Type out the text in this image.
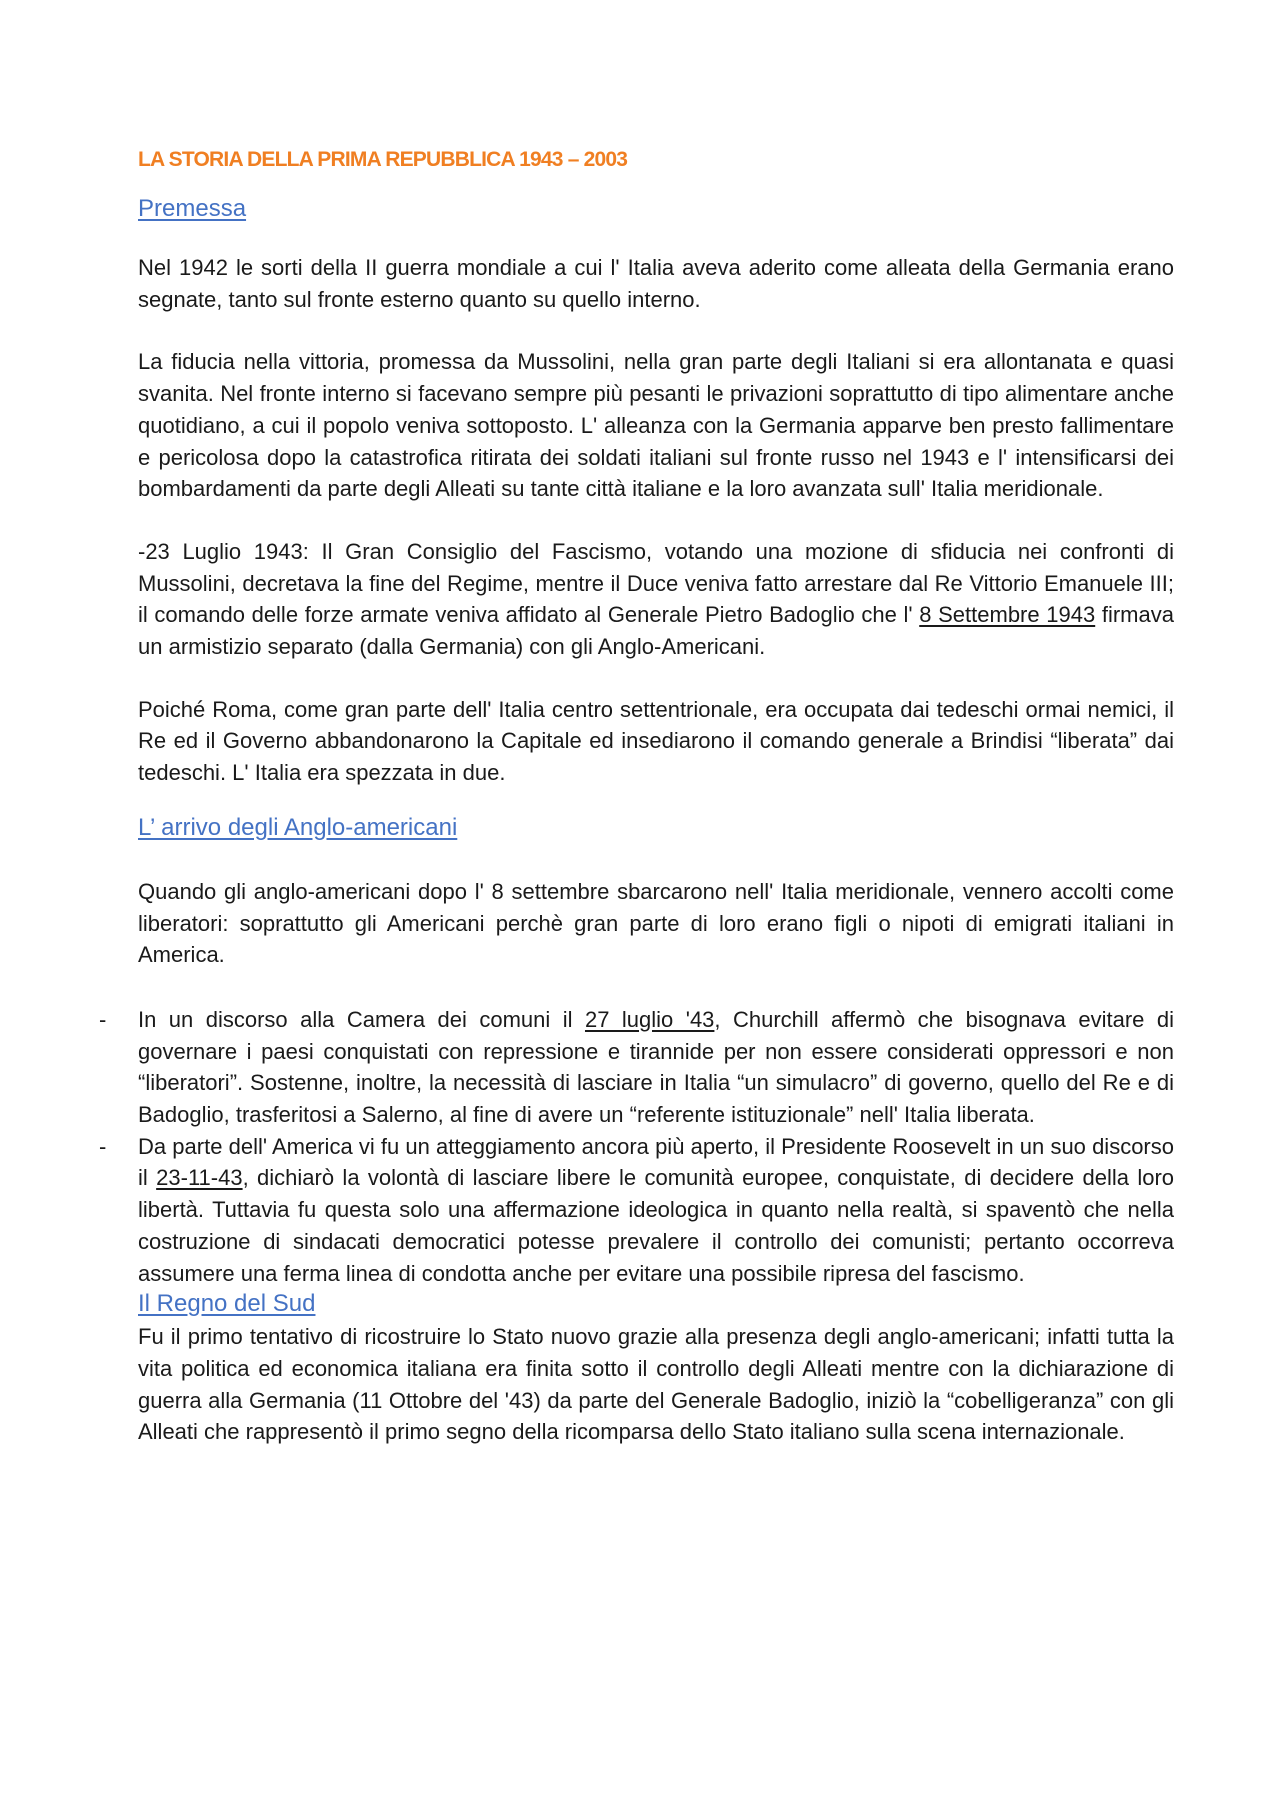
LA STORIA DELLA PRIMA REPUBBLICA 1943 – 2003
Premessa

Nel 1942 le sorti della II guerra mondiale a cui l' Italia aveva aderito come alleata della Germania erano segnate, tanto sul fronte esterno quanto su quello interno.

La fiducia nella vittoria, promessa da Mussolini, nella gran parte degli Italiani si era allontanata e quasi svanita. Nel fronte interno si facevano sempre più pesanti le privazioni soprattutto di tipo alimentare anche quotidiano, a cui il popolo veniva sottoposto. L' alleanza con la Germania apparve ben presto fallimentare e pericolosa dopo la catastrofica ritirata dei soldati italiani sul fronte russo nel 1943 e l' intensificarsi dei bombardamenti da parte degli Alleati su tante città italiane e la loro avanzata sull' Italia meridionale.

-23 Luglio 1943: Il Gran Consiglio del Fascismo, votando una mozione di sfiducia nei confronti di Mussolini, decretava la fine del Regime, mentre il Duce veniva fatto arrestare dal Re Vittorio Emanuele III; il comando delle forze armate veniva affidato al Generale Pietro Badoglio che l' 8 Settembre 1943 firmava un armistizio separato (dalla Germania) con gli Anglo-Americani.

Poiché Roma, come gran parte dell' Italia centro settentrionale, era occupata dai tedeschi ormai nemici, il Re ed il Governo abbandonarono la Capitale ed insediarono il comando generale a Brindisi “liberata” dai tedeschi. L' Italia era spezzata in due.

L’ arrivo degli Anglo-americani

Quando gli anglo-americani dopo l' 8 settembre sbarcarono nell' Italia meridionale, vennero accolti come liberatori: soprattutto gli Americani perchè gran parte di loro erano figli o nipoti di emigrati italiani in America.

- In un discorso alla Camera dei comuni il 27 luglio '43, Churchill affermò che bisognava evitare di governare i paesi conquistati con repressione e tirannide per non essere considerati oppressori e non “liberatori”. Sostenne, inoltre, la necessità di lasciare in Italia “un simulacro” di governo, quello del Re e di Badoglio, trasferitosi a Salerno, al fine di avere un “referente istituzionale” nell' Italia liberata.
- Da parte dell' America vi fu un atteggiamento ancora più aperto, il Presidente Roosevelt in un suo discorso il 23-11-43, dichiarò la volontà di lasciare libere le comunità europee, conquistate, di decidere della loro libertà. Tuttavia fu questa solo una affermazione ideologica in quanto nella realtà, si spaventò che nella costruzione di sindacati democratici potesse prevalere il controllo dei comunisti; pertanto occorreva assumere una ferma linea di condotta anche per evitare una possibile ripresa del fascismo.
Il Regno del Sud

Fu il primo tentativo di ricostruire lo Stato nuovo grazie alla presenza degli anglo-americani; infatti tutta la vita politica ed economica italiana era finita sotto il controllo degli Alleati mentre con la dichiarazione di guerra alla Germania (11 Ottobre del '43) da parte del Generale Badoglio, iniziò la “cobelligeranza” con gli Alleati che rappresentò il primo segno della ricomparsa dello Stato italiano sulla scena internazionale.
